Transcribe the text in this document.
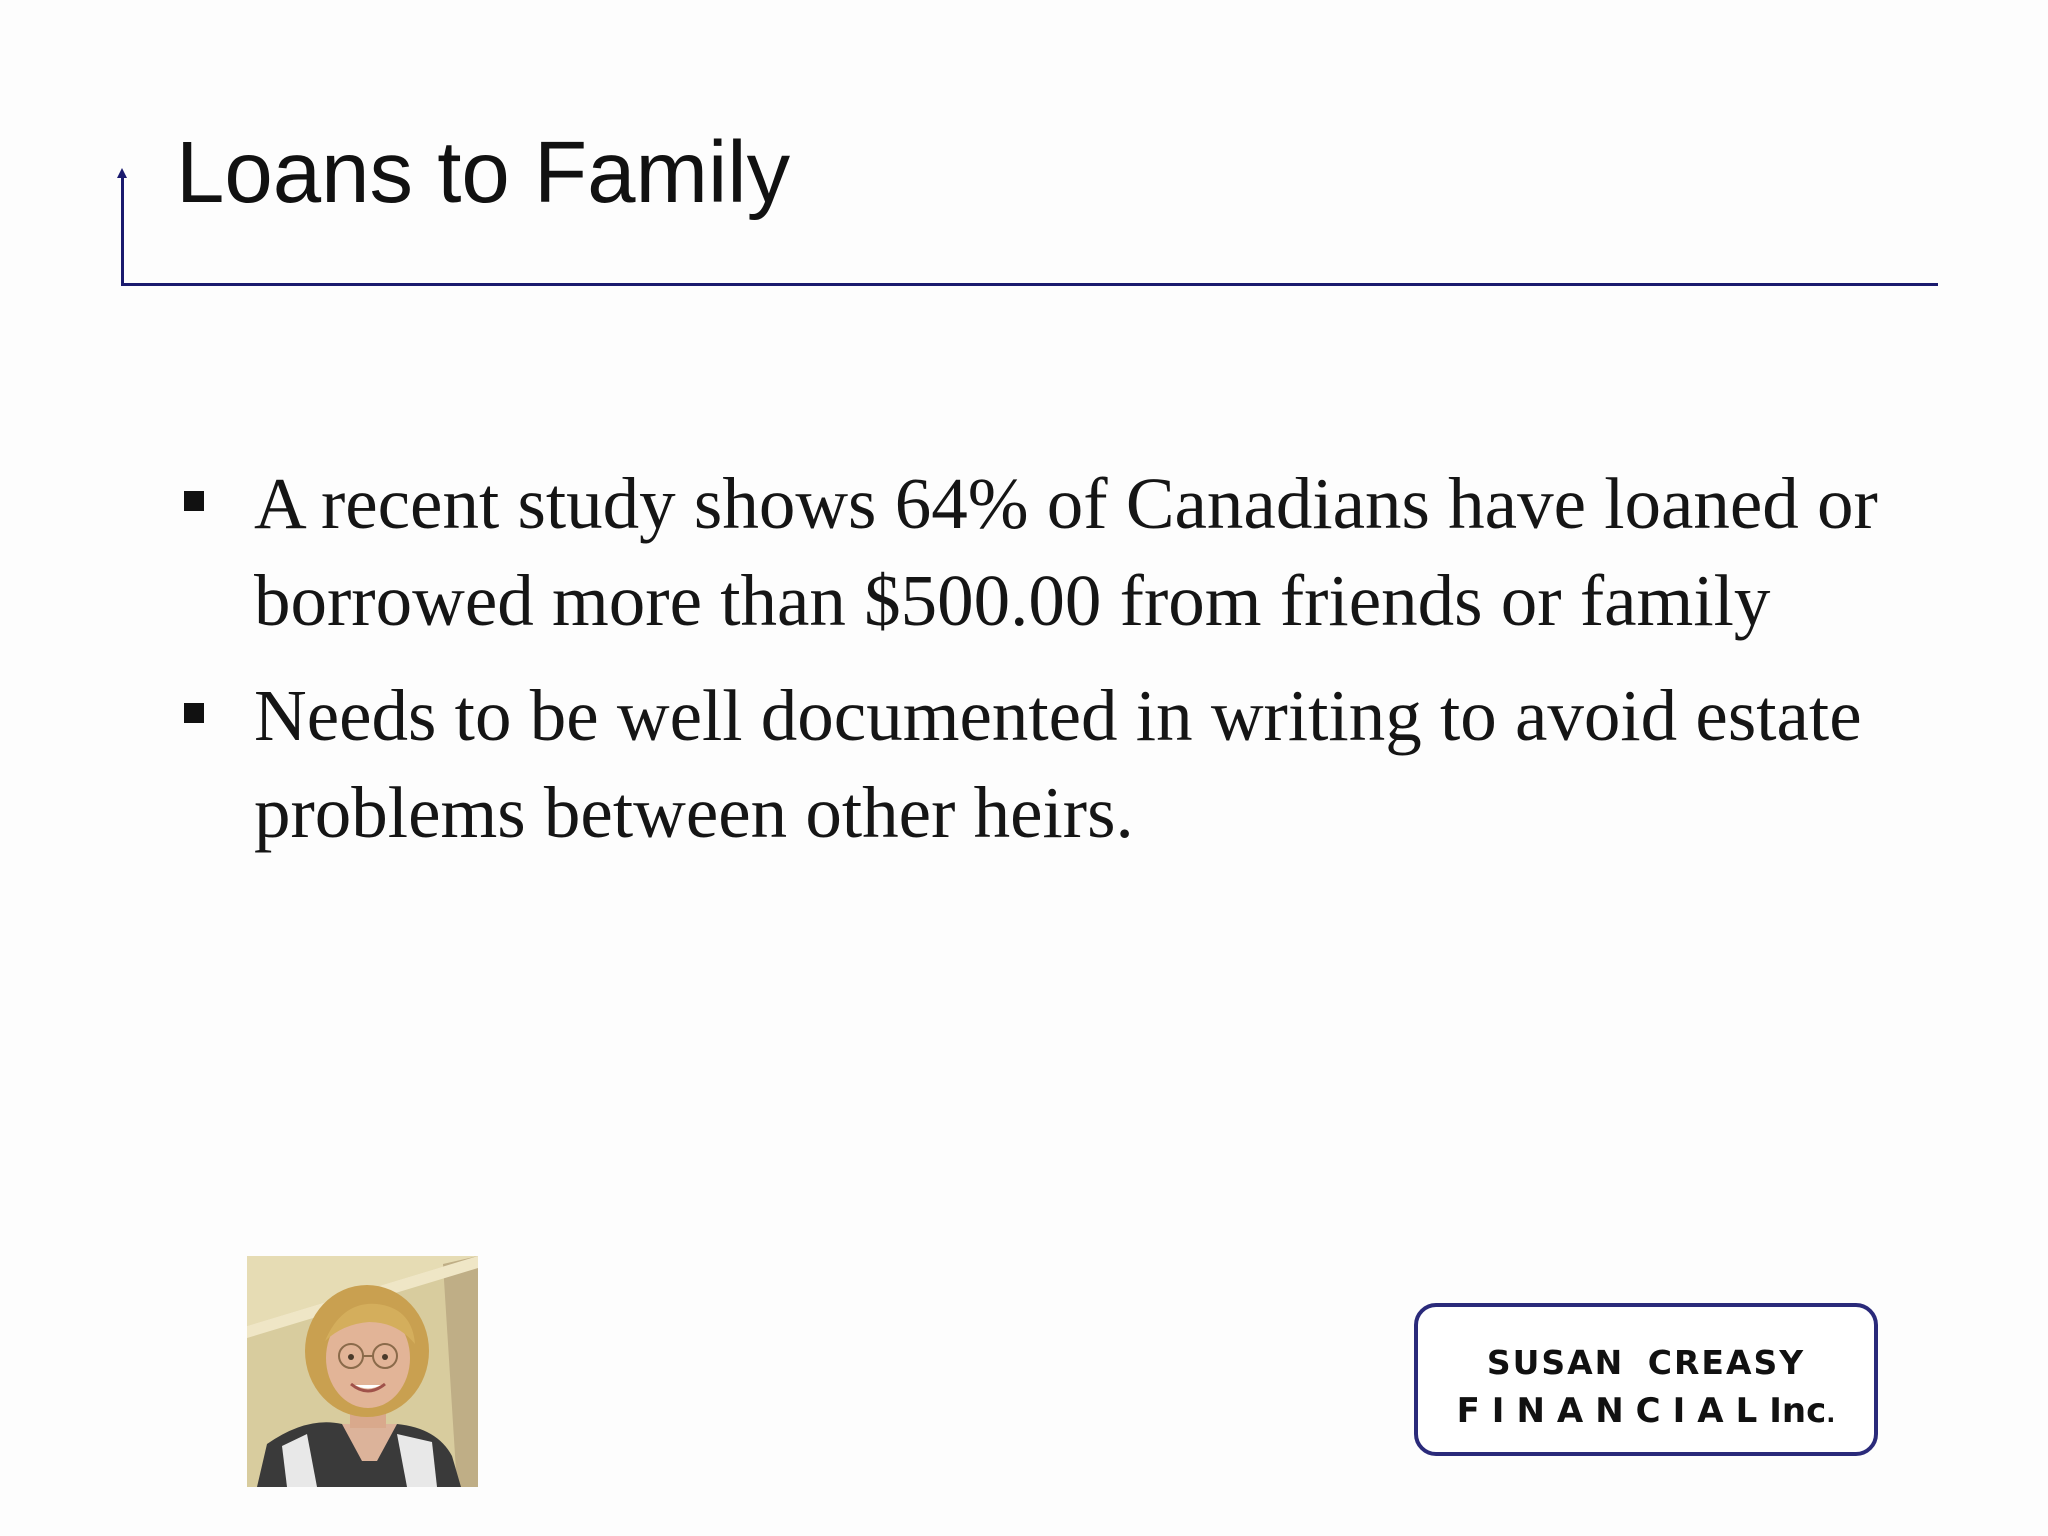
Loans to Family
A recent study shows 64% of Canadians have loaned or borrowed more than $500.00 from friends or family
Needs to be well documented in writing to avoid estate problems between other heirs.
SUSAN CREASY
FINANCIALInc.
